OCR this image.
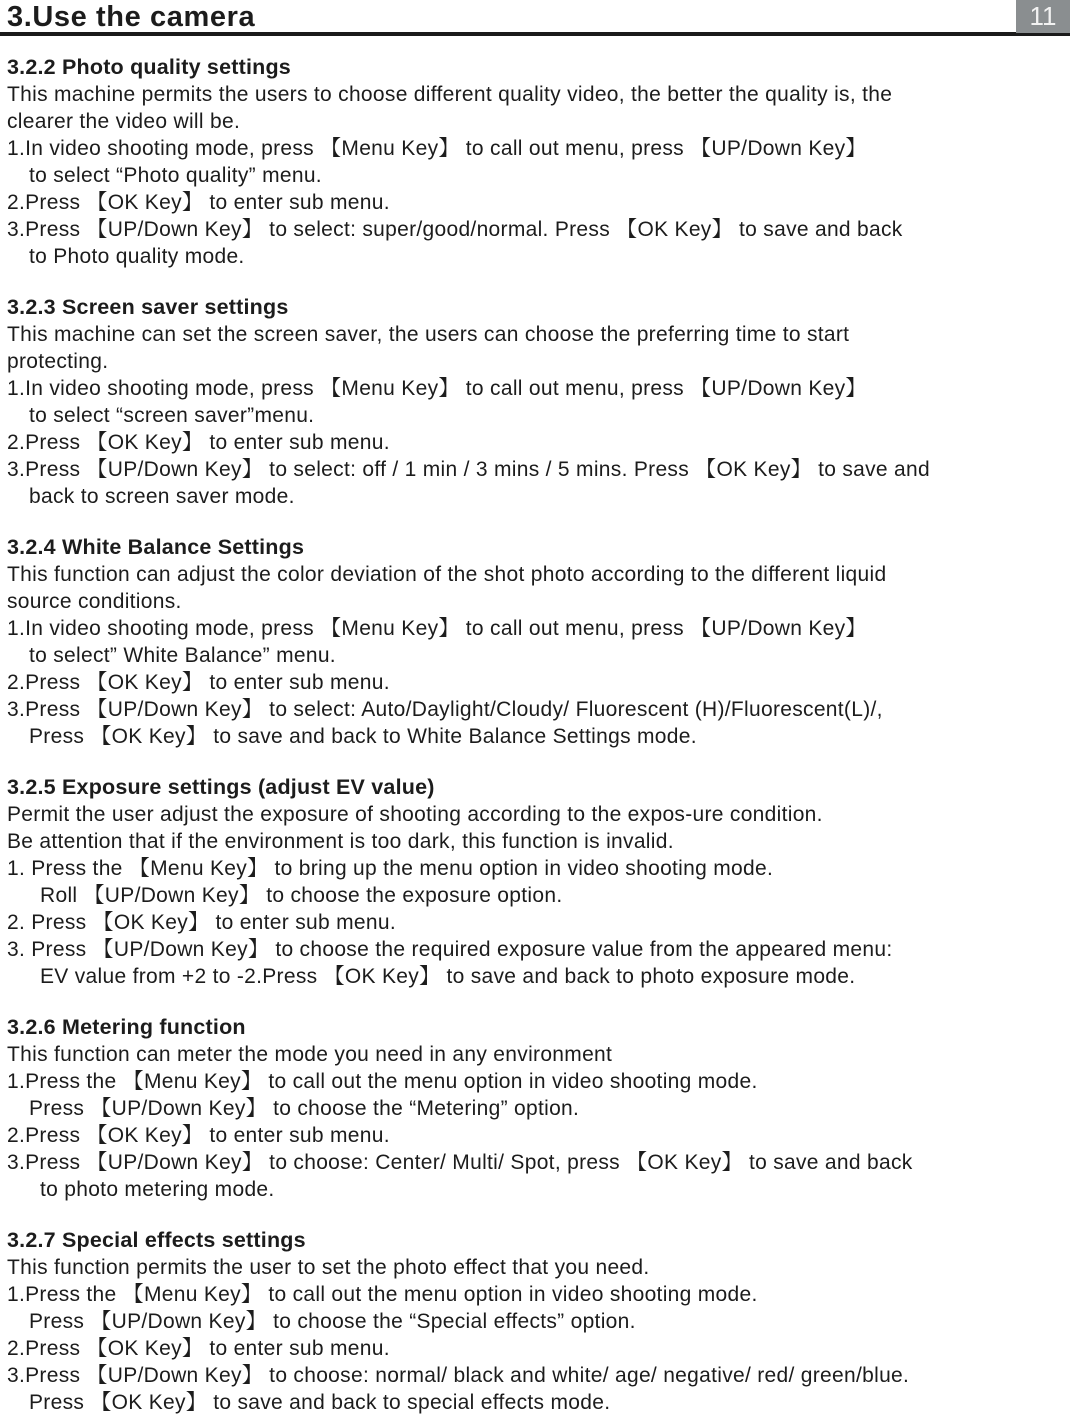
3.Use the camera	11
3.2.2 Photo quality settings
This machine permits the users to choose different quality video, the better the quality is, the
clearer the video will be.
1.In video shooting mode, press 【Menu Key】 to call out menu, press 【UP/Down Key】
to select “Photo quality” menu.
2.Press 【OK Key】 to enter sub menu.
3.Press 【UP/Down Key】 to select: super/good/normal. Press 【OK Key】 to save and back
to Photo quality mode.
3.2.3 Screen saver settings
This machine can set the screen saver, the users can choose the preferring time to start
protecting.
1.In video shooting mode, press 【Menu Key】 to call out menu, press 【UP/Down Key】
to select “screen saver”menu.
2.Press 【OK Key】 to enter sub menu.
3.Press 【UP/Down Key】 to select: off / 1 min / 3 mins / 5 mins. Press 【OK Key】 to save and
back to screen saver mode.
3.2.4 White Balance Settings
This function can adjust the color deviation of the shot photo according to the different liquid
source conditions.
1.In video shooting mode, press 【Menu Key】 to call out menu, press 【UP/Down Key】
to select” White Balance” menu.
2.Press 【OK Key】 to enter sub menu.
3.Press 【UP/Down Key】 to select: Auto/Daylight/Cloudy/ Fluorescent (H)/Fluorescent(L)/,
Press 【OK Key】 to save and back to White Balance Settings mode.
3.2.5 Exposure settings (adjust EV value)
Permit the user adjust the exposure of shooting according to the expos-ure condition.
Be attention that if the environment is too dark, this function is invalid.
1. Press the 【Menu Key】 to bring up the menu option in video shooting mode.
Roll 【UP/Down Key】 to choose the exposure option.
2. Press 【OK Key】 to enter sub menu.
3. Press 【UP/Down Key】 to choose the required exposure value from the appeared menu:
EV value from +2 to -2.Press 【OK Key】 to save and back to photo exposure mode.
3.2.6 Metering function
This function can meter the mode you need in any environment
1.Press the 【Menu Key】 to call out the menu option in video shooting mode.
Press 【UP/Down Key】 to choose the “Metering” option.
2.Press 【OK Key】 to enter sub menu.
3.Press 【UP/Down Key】 to choose: Center/ Multi/ Spot, press 【OK Key】 to save and back
to photo metering mode.
3.2.7 Special effects settings
This function permits the user to set the photo effect that you need.
1.Press the 【Menu Key】 to call out the menu option in video shooting mode.
Press 【UP/Down Key】 to choose the “Special effects” option.
2.Press 【OK Key】 to enter sub menu.
3.Press 【UP/Down Key】 to choose: normal/ black and white/ age/ negative/ red/ green/blue.
Press 【OK Key】 to save and back to special effects mode.
